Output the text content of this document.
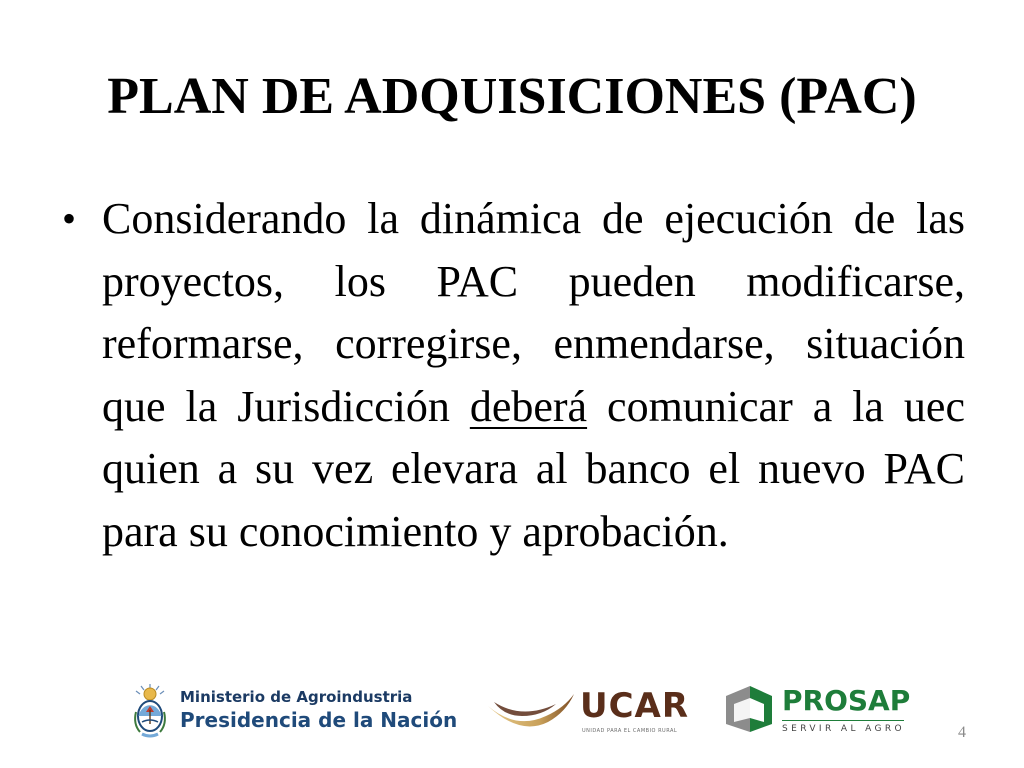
PLAN DE ADQUISICIONES (PAC)
• Considerando la dinámica de ejecución de las proyectos, los PAC pueden modificarse, reformarse, corregirse, enmendarse, situación que la Jurisdicción deberá comunicar a la uec quien a su vez elevara al banco el nuevo PAC para su conocimiento y aprobación.
Ministerio de Agroindustria
Presidencia de la Nación	UCAR
UNIDAD PARA EL CAMBIO RURAL
PROSAP
SERVIR AL AGRO	4
